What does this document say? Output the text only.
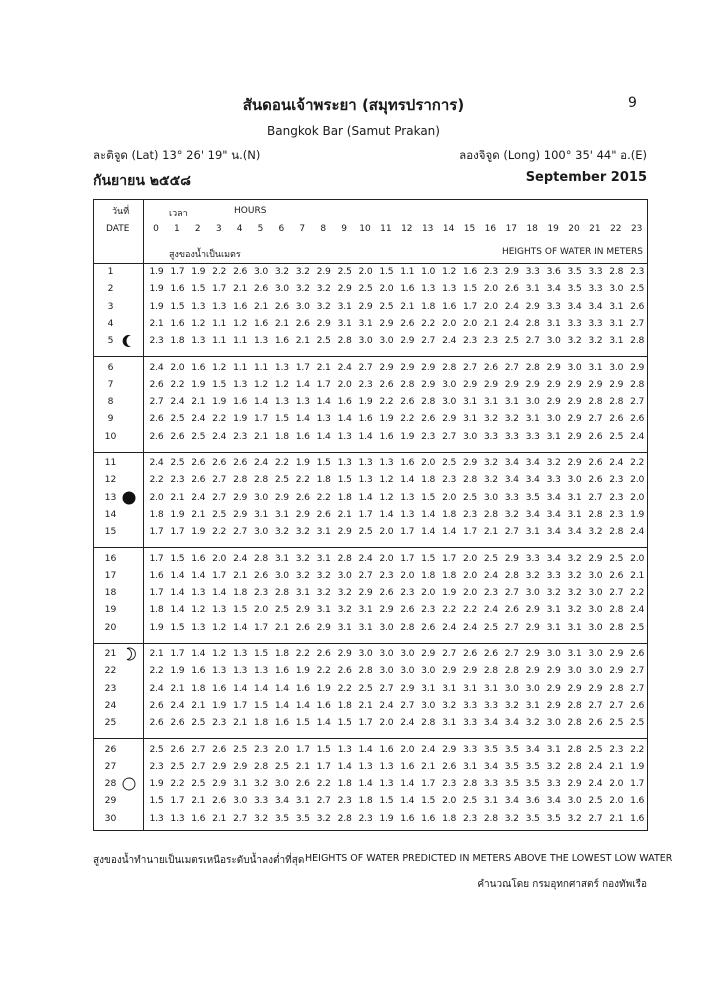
สันดอนเจ้าพระยา (สมุทรปราการ)	9
Bangkok Bar (Samut Prakan)
ละติจูด (Lat) 13° 26' 19" น.(N)	ลองจิจูด (Long) 100° 35' 44" อ.(E)
กันยายน ๒๕๕๘	September 2015
วันที่
DATE
เวลา	HOURS
สูงของน้ำเป็นเมตร	HEIGHTS OF WATER IN METERS
0	1	2	3	4	5	6	7	8	9	10	11	12	13	14	15	16	17	18	19	20	21	22	23
1	1.9 1.7 1.9 2.2 2.6 3.0 3.2 3.2 2.9 2.5 2.0 1.5 1.1 1.0 1.2 1.6 2.3 2.9 3.3 3.6 3.5 3.3 2.8 2.3
2	1.9 1.6 1.5 1.7 2.1 2.6 3.0 3.2 3.2 2.9 2.5 2.0 1.6 1.3 1.3 1.5 2.0 2.6 3.1 3.4 3.5 3.3 3.0 2.5
3	1.9 1.5 1.3 1.3 1.6 2.1 2.6 3.0 3.2 3.1 2.9 2.5 2.1 1.8 1.6 1.7 2.0 2.4 2.9 3.3 3.4 3.4 3.1 2.6
4	2.1 1.6 1.2 1.1 1.2 1.6 2.1 2.6 2.9 3.1 3.1 2.9 2.6 2.2 2.0 2.0 2.1 2.4 2.8 3.1 3.3 3.3 3.1 2.7
5	2.3 1.8 1.3 1.1 1.1 1.3 1.6 2.1 2.5 2.8 3.0 3.0 2.9 2.7 2.4 2.3 2.3 2.5 2.7 3.0 3.2 3.2 3.1 2.8
6	2.4 2.0 1.6 1.2 1.1 1.1 1.3 1.7 2.1 2.4 2.7 2.9 2.9 2.9 2.8 2.7 2.6 2.7 2.8 2.9 3.0 3.1 3.0 2.9
7	2.6 2.2 1.9 1.5 1.3 1.2 1.2 1.4 1.7 2.0 2.3 2.6 2.8 2.9 3.0 2.9 2.9 2.9 2.9 2.9 2.9 2.9 2.9 2.8
8	2.7 2.4 2.1 1.9 1.6 1.4 1.3 1.3 1.4 1.6 1.9 2.2 2.6 2.8 3.0 3.1 3.1 3.1 3.0 2.9 2.9 2.8 2.8 2.7
9	2.6 2.5 2.4 2.2 1.9 1.7 1.5 1.4 1.3 1.4 1.6 1.9 2.2 2.6 2.9 3.1 3.2 3.2 3.1 3.0 2.9 2.7 2.6 2.6
10	2.6 2.6 2.5 2.4 2.3 2.1 1.8 1.6 1.4 1.3 1.4 1.6 1.9 2.3 2.7 3.0 3.3 3.3 3.3 3.1 2.9 2.6 2.5 2.4
11	2.4 2.5 2.6 2.6 2.6 2.4 2.2 1.9 1.5 1.3 1.3 1.3 1.6 2.0 2.5 2.9 3.2 3.4 3.4 3.2 2.9 2.6 2.4 2.2
12	2.2 2.3 2.6 2.7 2.8 2.8 2.5 2.2 1.8 1.5 1.3 1.2 1.4 1.8 2.3 2.8 3.2 3.4 3.4 3.3 3.0 2.6 2.3 2.0
13	2.0 2.1 2.4 2.7 2.9 3.0 2.9 2.6 2.2 1.8 1.4 1.2 1.3 1.5 2.0 2.5 3.0 3.3 3.5 3.4 3.1 2.7 2.3 2.0
14	1.8 1.9 2.1 2.5 2.9 3.1 3.1 2.9 2.6 2.1 1.7 1.4 1.3 1.4 1.8 2.3 2.8 3.2 3.4 3.4 3.1 2.8 2.3 1.9
15	1.7 1.7 1.9 2.2 2.7 3.0 3.2 3.2 3.1 2.9 2.5 2.0 1.7 1.4 1.4 1.7 2.1 2.7 3.1 3.4 3.4 3.2 2.8 2.4
16	1.7 1.5 1.6 2.0 2.4 2.8 3.1 3.2 3.1 2.8 2.4 2.0 1.7 1.5 1.7 2.0 2.5 2.9 3.3 3.4 3.2 2.9 2.5 2.0
17	1.6 1.4 1.4 1.7 2.1 2.6 3.0 3.2 3.2 3.0 2.7 2.3 2.0 1.8 1.8 2.0 2.4 2.8 3.2 3.3 3.2 3.0 2.6 2.1
18	1.7 1.4 1.3 1.4 1.8 2.3 2.8 3.1 3.2 3.2 2.9 2.6 2.3 2.0 1.9 2.0 2.3 2.7 3.0 3.2 3.2 3.0 2.7 2.2
19	1.8 1.4 1.2 1.3 1.5 2.0 2.5 2.9 3.1 3.2 3.1 2.9 2.6 2.3 2.2 2.2 2.4 2.6 2.9 3.1 3.2 3.0 2.8 2.4
20	1.9 1.5 1.3 1.2 1.4 1.7 2.1 2.6 2.9 3.1 3.1 3.0 2.8 2.6 2.4 2.4 2.5 2.7 2.9 3.1 3.1 3.0 2.8 2.5
21	2.1 1.7 1.4 1.2 1.3 1.5 1.8 2.2 2.6 2.9 3.0 3.0 3.0 2.9 2.7 2.6 2.6 2.7 2.9 3.0 3.1 3.0 2.9 2.6
22	2.2 1.9 1.6 1.3 1.3 1.3 1.6 1.9 2.2 2.6 2.8 3.0 3.0 3.0 2.9 2.9 2.8 2.8 2.9 2.9 3.0 3.0 2.9 2.7
23	2.4 2.1 1.8 1.6 1.4 1.4 1.4 1.6 1.9 2.2 2.5 2.7 2.9 3.1 3.1 3.1 3.1 3.0 3.0 2.9 2.9 2.9 2.8 2.7
24	2.6 2.4 2.1 1.9 1.7 1.5 1.4 1.4 1.6 1.8 2.1 2.4 2.7 3.0 3.2 3.3 3.3 3.2 3.1 2.9 2.8 2.7 2.7 2.6
25	2.6 2.6 2.5 2.3 2.1 1.8 1.6 1.5 1.4 1.5 1.7 2.0 2.4 2.8 3.1 3.3 3.4 3.4 3.2 3.0 2.8 2.6 2.5 2.5
26	2.5 2.6 2.7 2.6 2.5 2.3 2.0 1.7 1.5 1.3 1.4 1.6 2.0 2.4 2.9 3.3 3.5 3.5 3.4 3.1 2.8 2.5 2.3 2.2
27	2.3 2.5 2.7 2.9 2.9 2.8 2.5 2.1 1.7 1.4 1.3 1.3 1.6 2.1 2.6 3.1 3.4 3.5 3.5 3.2 2.8 2.4 2.1 1.9
28	1.9 2.2 2.5 2.9 3.1 3.2 3.0 2.6 2.2 1.8 1.4 1.3 1.4 1.7 2.3 2.8 3.3 3.5 3.5 3.3 2.9 2.4 2.0 1.7
29	1.5 1.7 2.1 2.6 3.0 3.3 3.4 3.1 2.7 2.3 1.8 1.5 1.4 1.5 2.0 2.5 3.1 3.4 3.6 3.4 3.0 2.5 2.0 1.6
30	1.3 1.3 1.6 2.1 2.7 3.2 3.5 3.5 3.2 2.8 2.3 1.9 1.6 1.6 1.8 2.3 2.8 3.2 3.5 3.5 3.2 2.7 2.1 1.6
สูงของน้ำทำนายเป็นเมตรเหนือระดับน้ำลงต่ำที่สุด HEIGHTS OF WATER PREDICTED IN METERS ABOVE THE LOWEST LOW WATER
คำนวณโดย กรมอุทกศาสตร์ กองทัพเรือ
